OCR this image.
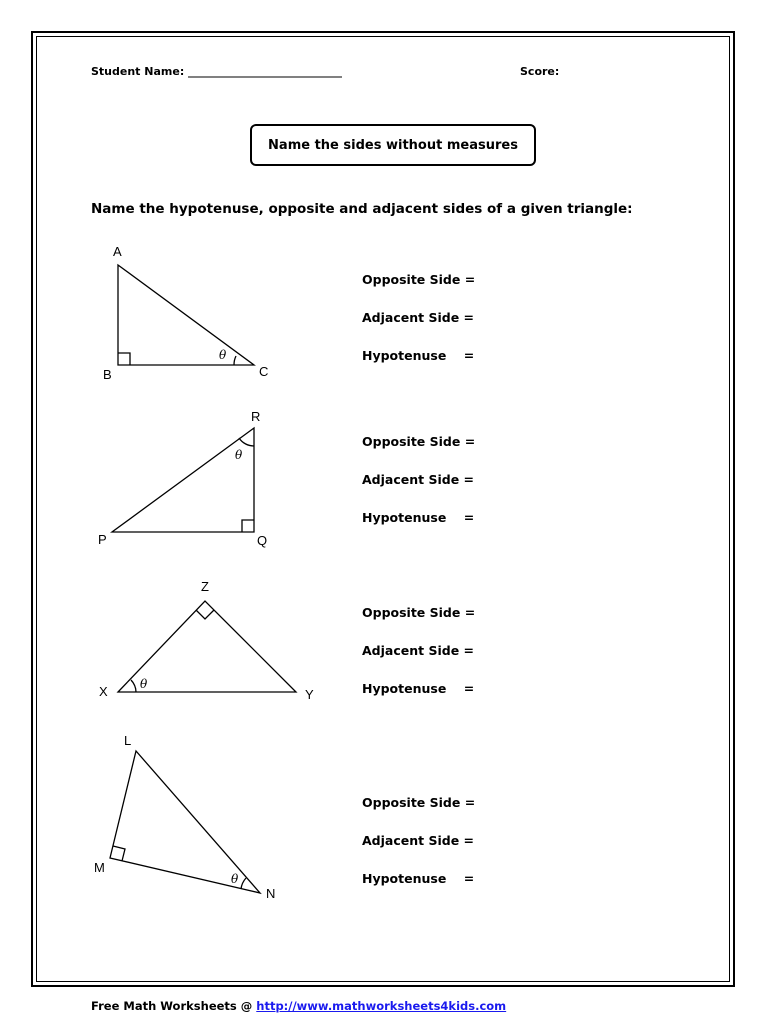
Student Name: ____________________________	Score:
Name the sides without measures
Name the hypotenuse, opposite and adjacent sides of a given triangle:
A
B	C
θ
R
P	Q
θ
Z
X	Y
θ
L
M
N
θ
Opposite Side =
Adjacent Side =
Hypotenuse    =
Opposite Side =
Adjacent Side =
Hypotenuse    =
Opposite Side =
Adjacent Side =
Hypotenuse    =
Opposite Side =
Adjacent Side =
Hypotenuse    =
Free Math Worksheets @ http://www.mathworksheets4kids.com
